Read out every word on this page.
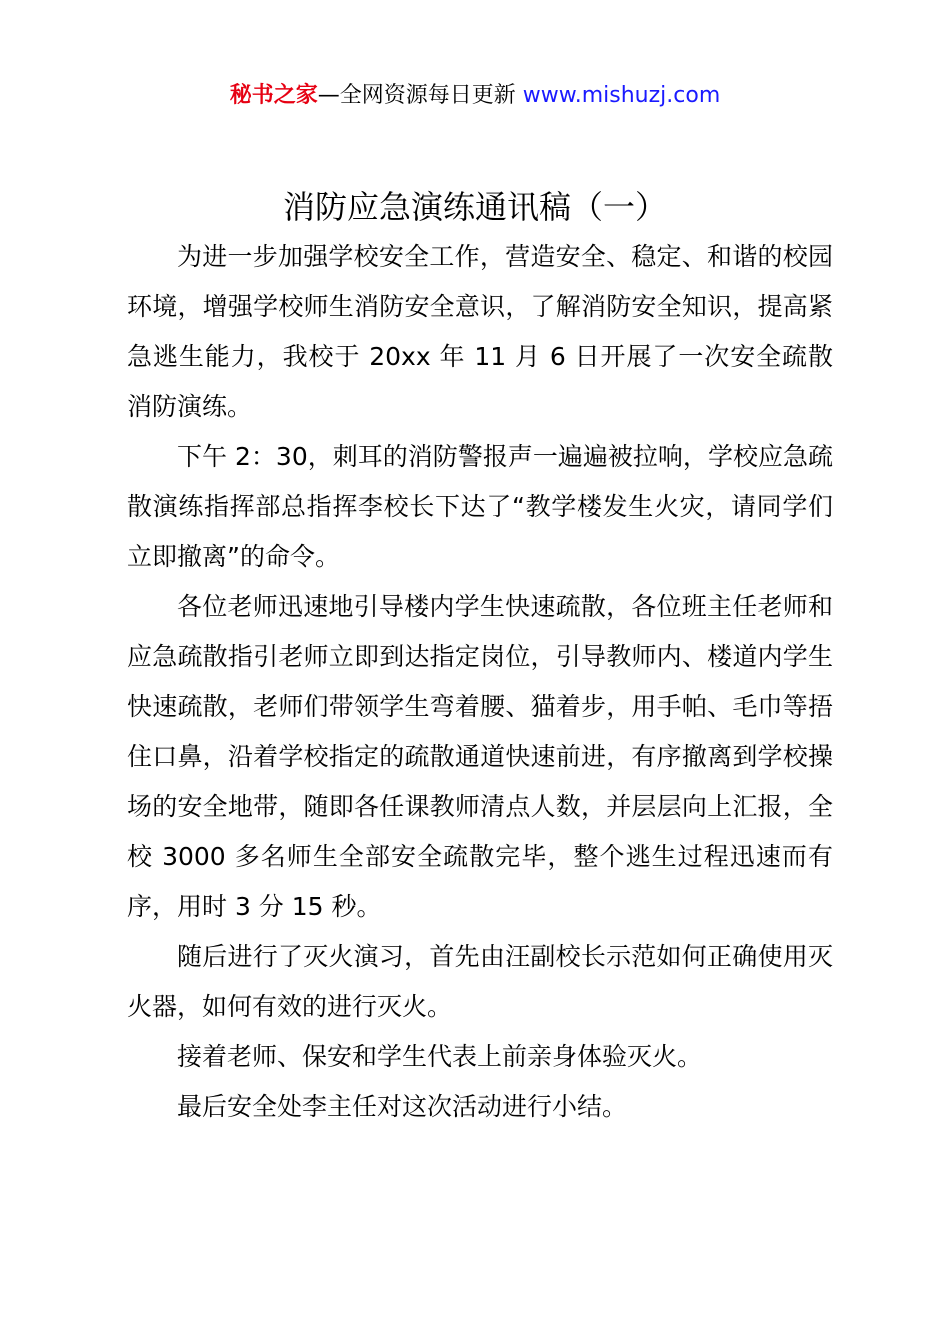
秘书之家—全网资源每日更新 www.mishuzj.com
消防应急演练通讯稿（一）

为进一步加强学校安全工作，营造安全、稳定、和谐的校园环境，增强学校师生消防安全意识，了解消防安全知识，提高紧急逃生能力，我校于 20xx 年 11 月 6 日开展了一次安全疏散消防演练。

下午 2：30，刺耳的消防警报声一遍遍被拉响，学校应急疏散演练指挥部总指挥李校长下达了“教学楼发生火灾，请同学们立即撤离”的命令。

各位老师迅速地引导楼内学生快速疏散，各位班主任老师和应急疏散指引老师立即到达指定岗位，引导教师内、楼道内学生快速疏散，老师们带领学生弯着腰、猫着步，用手帕、毛巾等捂住口鼻，沿着学校指定的疏散通道快速前进，有序撤离到学校操场的安全地带，随即各任课教师清点人数，并层层向上汇报，全校 3000 多名师生全部安全疏散完毕，整个逃生过程迅速而有序，用时 3 分 15 秒。

随后进行了灭火演习，首先由汪副校长示范如何正确使用灭火器，如何有效的进行灭火。

接着老师、保安和学生代表上前亲身体验灭火。

最后安全处李主任对这次活动进行小结。
